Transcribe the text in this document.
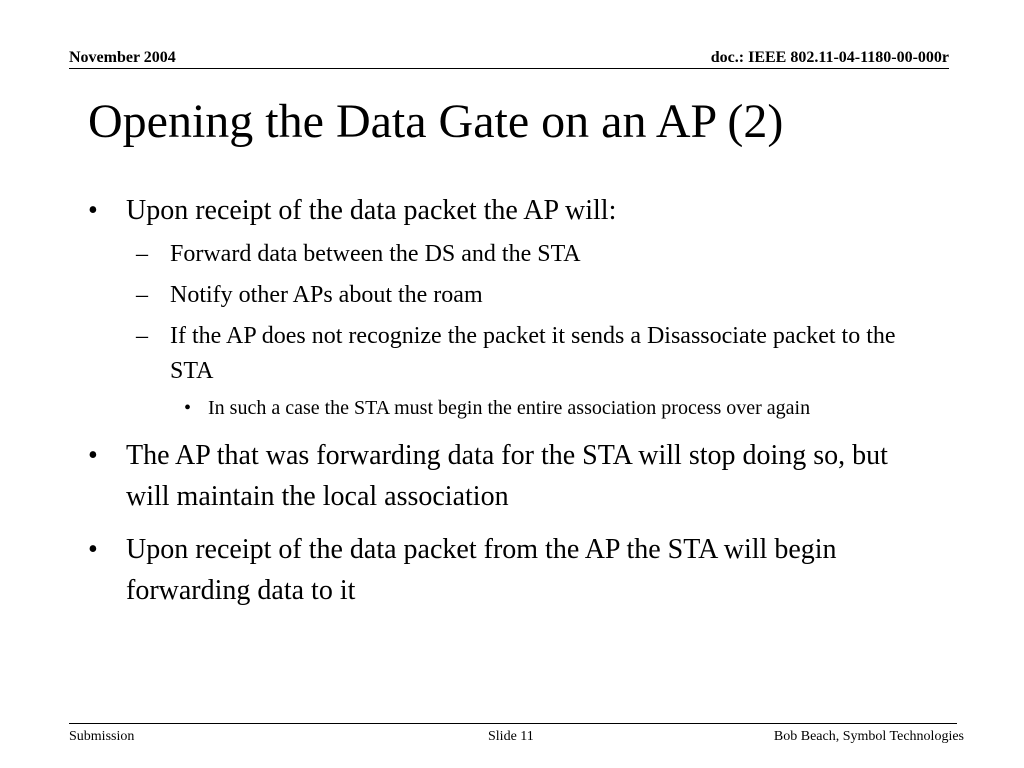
November 2004	doc.: IEEE 802.11-04-1180-00-000r
Opening the Data Gate on an AP (2)
• Upon receipt of the data packet the AP will:
– Forward data between the DS and the STA
– Notify other APs about the roam
– If the AP does not recognize the packet it sends a Disassociate packet to the STA
• In such a case the STA must begin the entire association process over again
• The AP that was forwarding data for the STA will stop doing so, but will maintain the local association
• Upon receipt of the data packet from the AP the STA will begin forwarding data to it
Submission	Slide 11	Bob Beach, Symbol Technologies
